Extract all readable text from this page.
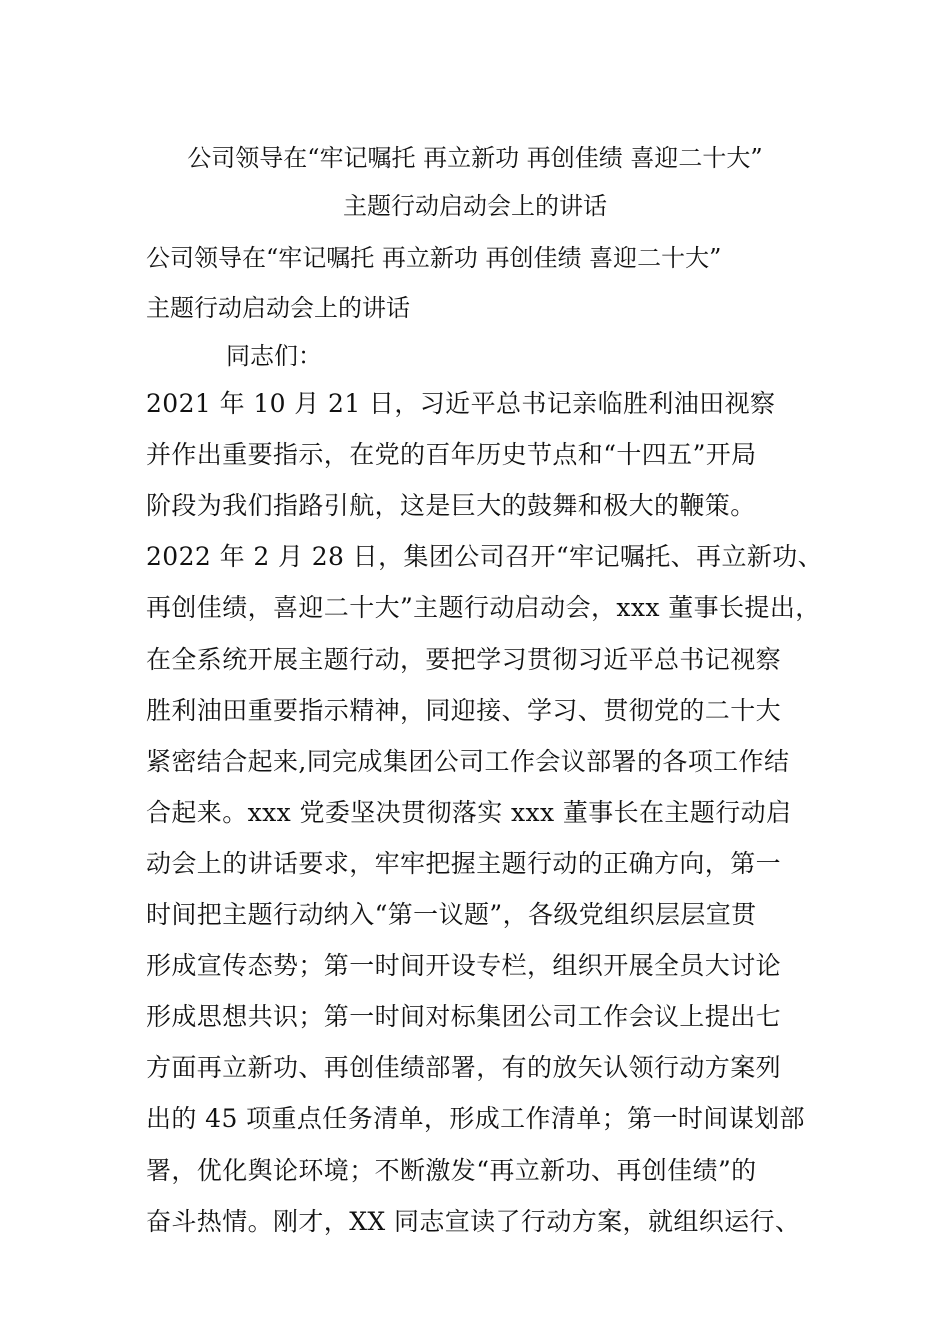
公司领导在“牢记嘱托 再立新功 再创佳绩 喜迎二十大”
主题行动启动会上的讲话
公司领导在“牢记嘱托 再立新功 再创佳绩 喜迎二十大”
主题行动启动会上的讲话
同志们：
2021 年 10 月 21 日，习近平总书记亲临胜利油田视察
并作出重要指示，在党的百年历史节点和“十四五”开局
阶段为我们指路引航，这是巨大的鼓舞和极大的鞭策。
2022 年 2 月 28 日，集团公司召开“牢记嘱托、再立新功、
再创佳绩，喜迎二十大”主题行动启动会，xxx 董事长提出，
在全系统开展主题行动，要把学习贯彻习近平总书记视察
胜利油田重要指示精神，同迎接、学习、贯彻党的二十大
紧密结合起来,同完成集团公司工作会议部署的各项工作结
合起来。xxx 党委坚决贯彻落实 xxx 董事长在主题行动启
动会上的讲话要求，牢牢把握主题行动的正确方向，第一
时间把主题行动纳入“第一议题”，各级党组织层层宣贯
形成宣传态势；第一时间开设专栏，组织开展全员大讨论
形成思想共识；第一时间对标集团公司工作会议上提出七
方面再立新功、再创佳绩部署，有的放矢认领行动方案列
出的 45 项重点任务清单，形成工作清单；第一时间谋划部
署，优化舆论环境；不断激发“再立新功、再创佳绩”的
奋斗热情。刚才，XX 同志宣读了行动方案，就组织运行、
